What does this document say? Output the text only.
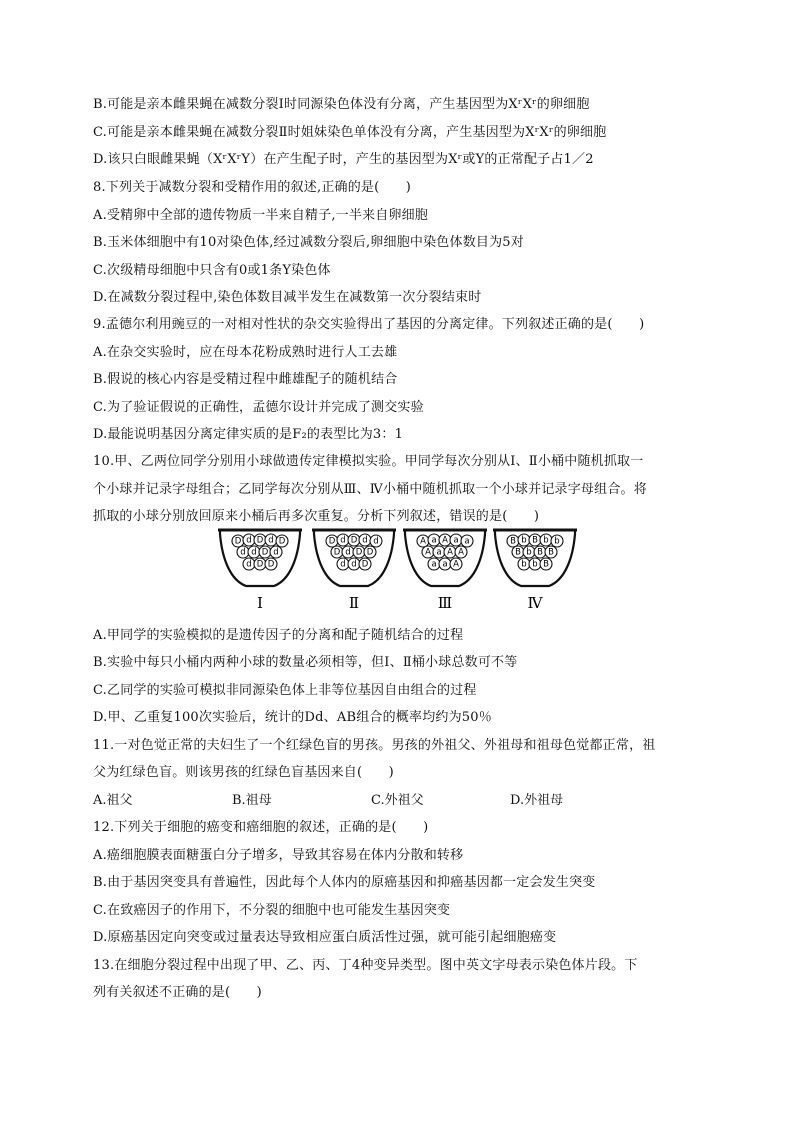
B.可能是亲本雌果蝇在减数分裂Ⅰ时同源染色体没有分离，产生基因型为XʳXʳ的卵细胞
C.可能是亲本雌果蝇在减数分裂Ⅱ时姐妹染色单体没有分离，产生基因型为XʳXʳ的卵细胞
D.该只白眼雌果蝇（XʳXʳY）在产生配子时，产生的基因型为Xʳ或Y的正常配子占1／2
8.下列关于减数分裂和受精作用的叙述,正确的是(　　)
A.受精卵中全部的遗传物质一半来自精子,一半来自卵细胞
B.玉米体细胞中有10对染色体,经过减数分裂后,卵细胞中染色体数目为5对
C.次级精母细胞中只含有0或1条Y染色体
D.在减数分裂过程中,染色体数目减半发生在减数第一次分裂结束时
9.孟德尔利用豌豆的一对相对性状的杂交实验得出了基因的分离定律。下列叙述正确的是(　　)
A.在杂交实验时，应在母本花粉成熟时进行人工去雄
B.假说的核心内容是受精过程中雌雄配子的随机结合
C.为了验证假说的正确性，孟德尔设计并完成了测交实验
D.最能说明基因分离定律实质的是F₂的表型比为3：1
10.甲、乙两位同学分别用小球做遗传定律模拟实验。甲同学每次分别从Ⅰ、Ⅱ小桶中随机抓取一
个小球并记录字母组合；乙同学每次分别从Ⅲ、Ⅳ小桶中随机抓取一个小球并记录字母组合。将
抓取的小球分别放回原来小桶后再多次重复。分析下列叙述，错误的是(　　)
D d D d D
d d D d
d D D
Ⅰ
D d D d d
D d D D
d d D
Ⅱ
A a A a a
A a A A
a a A
Ⅲ
B b B b b
B b B B
b b B
Ⅳ
A.甲同学的实验模拟的是遗传因子的分离和配子随机结合的过程
B.实验中每只小桶内两种小球的数量必须相等，但Ⅰ、Ⅱ桶小球总数可不等
C.乙同学的实验可模拟非同源染色体上非等位基因自由组合的过程
D.甲、乙重复100次实验后，统计的Dd、AB组合的概率均约为50％
11.一对色觉正常的夫妇生了一个红绿色盲的男孩。男孩的外祖父、外祖母和祖母色觉都正常，祖
父为红绿色盲。则该男孩的红绿色盲基因来自(　　)
A.祖父	B.祖母	C.外祖父	D.外祖母
12.下列关于细胞的癌变和癌细胞的叙述，正确的是(　　)
A.癌细胞膜表面糖蛋白分子增多，导致其容易在体内分散和转移
B.由于基因突变具有普遍性，因此每个人体内的原癌基因和抑癌基因都一定会发生突变
C.在致癌因子的作用下，不分裂的细胞中也可能发生基因突变
D.原癌基因定向突变或过量表达导致相应蛋白质活性过强，就可能引起细胞癌变
13.在细胞分裂过程中出现了甲、乙、丙、丁4种变异类型。图中英文字母表示染色体片段。下
列有关叙述不正确的是(　　)
